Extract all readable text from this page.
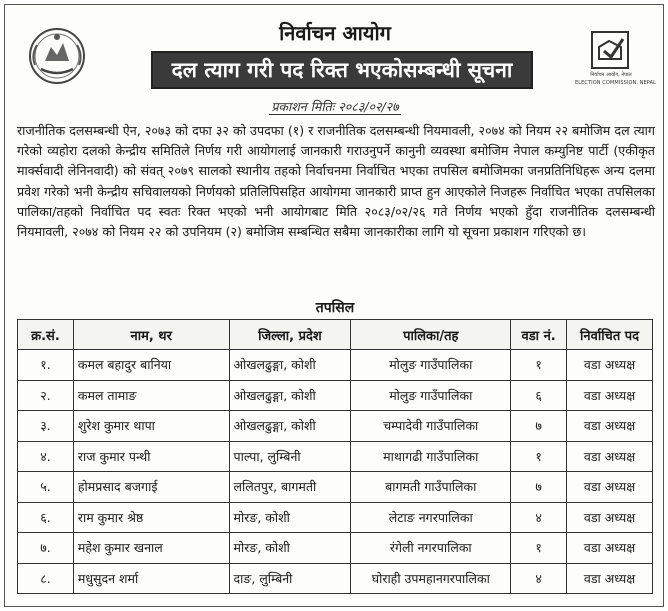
निर्वाचन आयोग, नेपाल
ELECTION COMMISSION, NEPAL
निर्वाचन आयोग
दल त्याग गरी पद रिक्त भएकोसम्बन्धी सूचना
प्रकाशन मितिः २०८३/०२/२७

राजनीतिक दलसम्बन्धी ऐन, २०७३ को दफा ३२ को उपदफा (१) र राजनीतिक दलसम्बन्धी नियमावली, २०७४ को नियम २२ बमोजिम दल त्याग गरेको व्यहोरा दलको केन्द्रीय समितिले निर्णय गरी आयोगलाई जानकारी गराउनुपर्ने कानुनी व्यवस्था बमोजिम नेपाल कम्युनिष्ट पार्टी (एकीकृत मार्क्सवादी लेनिनवादी) को संवत् २०७९ सालको स्थानीय तहको निर्वाचनमा निर्वाचित भएका तपसिल बमोजिमका जनप्रतिनिधिहरू अन्य दलमा प्रवेश गरेको भनी केन्द्रीय सचिवालयको निर्णयको प्रतिलिपिसहित आयोगमा जानकारी प्राप्त हुन आएकोले निजहरू निर्वाचित भएका तपसिलका पालिका/तहको निर्वाचित पद स्वतः रिक्त भएको भनी आयोगबाट मिति २०८३/०२/२६ गते निर्णय भएको हुँदा राजनीतिक दलसम्बन्धी नियमावली, २०७४ को नियम २२ को उपनियम (२) बमोजिम सम्बन्धित सबैमा जानकारीका लागि यो सूचना प्रकाशन गरिएको छ।

तपसिल
क्र.सं.	नाम, थर	जिल्ला, प्रदेश	पालिका/तह	वडा नं.	निर्वाचित पद
१.	कमल बहादुर बानिया	ओखलढुङ्गा, कोशी	मोलुङ गाउँपालिका	१	वडा अध्यक्ष
२.	कमल तामाङ	ओखलढुङ्गा, कोशी	मोलुङ गाउँपालिका	६	वडा अध्यक्ष
३.	शुरेश कुमार थापा	ओखलढुङ्गा, कोशी	चम्पादेवी गाउँपालिका	७	वडा अध्यक्ष
४.	राज कुमार पन्थी	पाल्पा, लुम्बिनी	माथागढी गाउँपालिका	१	वडा अध्यक्ष
५.	होमप्रसाद बजगाई	ललितपुर, बागमती	बागमती गाउँपालिका	७	वडा अध्यक्ष
६.	राम कुमार श्रेष्ठ	मोरङ, कोशी	लेटाङ नगरपालिका	४	वडा अध्यक्ष
७.	महेश कुमार खनाल	मोरङ, कोशी	रंगेली नगरपालिका	१	वडा अध्यक्ष
८.	मधुसुदन शर्मा	दाङ, लुम्बिनी	घोराही उपमहानगरपालिका	४	वडा अध्यक्ष
